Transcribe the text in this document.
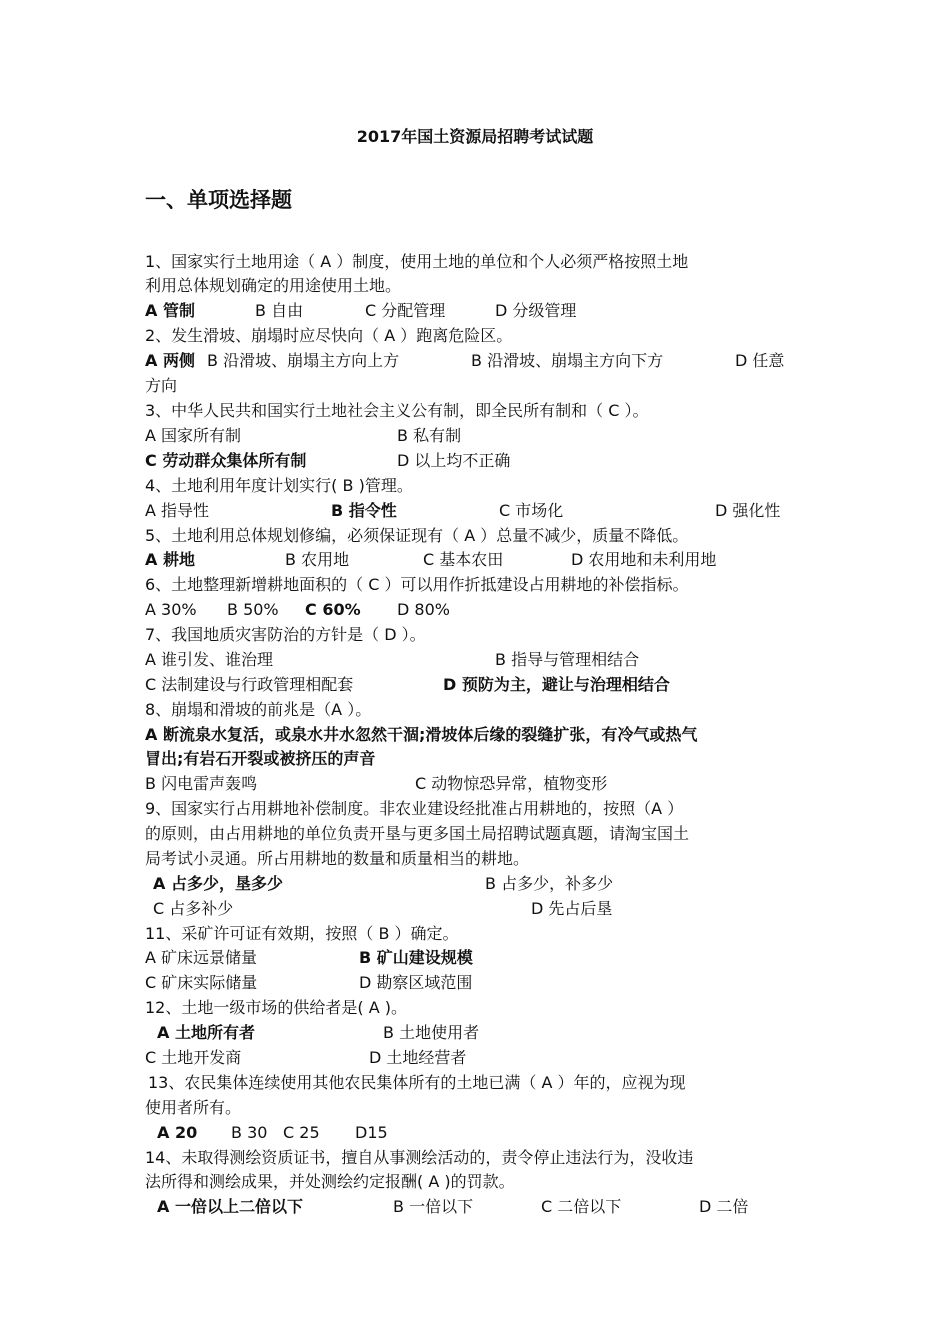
2017年国土资源局招聘考试试题
一、单项选择题
1、国家实行土地用途（ A ）制度，使用土地的单位和个人必须严格按照土地
利用总体规划确定的用途使用土地。
A 管制	B 自由	C 分配管理	D 分级管理
2、发生滑坡、崩塌时应尽快向（ A ）跑离危险区。
A 两侧 B 沿滑坡、崩塌主方向上方	B 沿滑坡、崩塌主方向下方	D 任意
方向
3、中华人民共和国实行土地社会主义公有制，即全民所有制和（ C ）。
A 国家所有制	B 私有制
C 劳动群众集体所有制	D 以上均不正确
4、土地利用年度计划实行( B )管理。
A 指导性	B 指令性	C 市场化	D 强化性
5、土地利用总体规划修编，必须保证现有（ A ）总量不减少，质量不降低。
A 耕地	B 农用地	C 基本农田	D 农用地和未利用地
6、土地整理新增耕地面积的（ C ）可以用作折抵建设占用耕地的补偿指标。
A 30% B 50% C 60% D 80%
7、我国地质灾害防治的方针是（ D ）。
A 谁引发、谁治理	B 指导与管理相结合
C 法制建设与行政管理相配套	D 预防为主，避让与治理相结合
8、崩塌和滑坡的前兆是（A ）。
A 断流泉水复活，或泉水井水忽然干涸;滑坡体后缘的裂缝扩张，有冷气或热气
冒出;有岩石开裂或被挤压的声音
B 闪电雷声轰鸣	C 动物惊恐异常，植物变形
9、国家实行占用耕地补偿制度。非农业建设经批准占用耕地的，按照（A ）
的原则，由占用耕地的单位负责开垦与更多国土局招聘试题真题，请淘宝国土
局考试小灵通。所占用耕地的数量和质量相当的耕地。
A 占多少，垦多少	B 占多少，补多少
C 占多补少	D 先占后垦
11、采矿许可证有效期，按照（ B ）确定。
A 矿床远景储量	B 矿山建设规模
C 矿床实际储量	D 勘察区域范围
12、土地一级市场的供给者是( A )。
A 土地所有者	B 土地使用者
C 土地开发商	D 土地经营者
13、农民集体连续使用其他农民集体所有的土地已满（ A ）年的，应视为现
使用者所有。
A 20 B 30 C 25 D15
14、未取得测绘资质证书，擅自从事测绘活动的，责令停止违法行为，没收违
法所得和测绘成果，并处测绘约定报酬( A )的罚款。
A 一倍以上二倍以下	B 一倍以下	C 二倍以下	D 二倍
